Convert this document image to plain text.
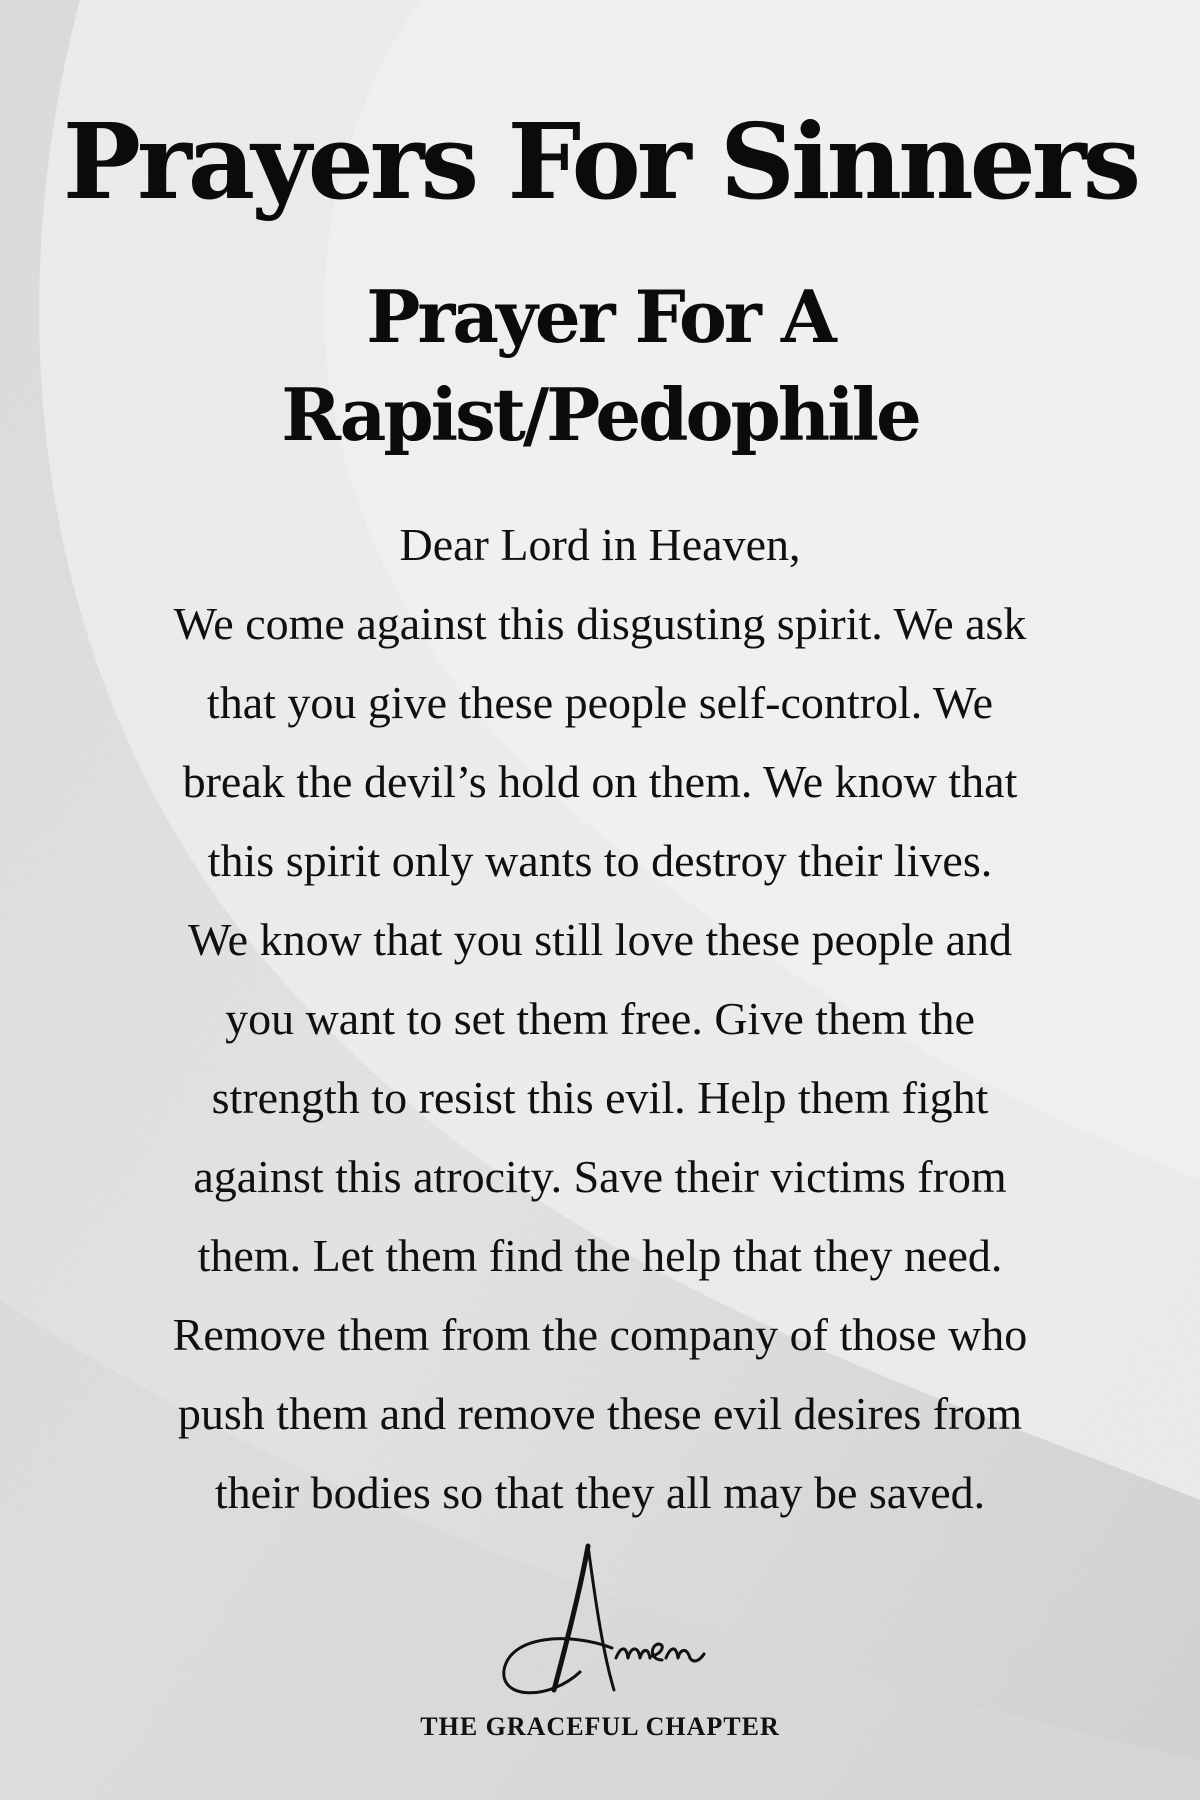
Prayers For Sinners
Prayer For A
Rapist/Pedophile
Dear Lord in Heaven,
We come against this disgusting spirit. We ask
that you give these people self-control. We
break the devil’s hold on them. We know that
this spirit only wants to destroy their lives.
We know that you still love these people and
you want to set them free. Give them the
strength to resist this evil. Help them fight
against this atrocity. Save their victims from
them. Let them find the help that they need.
Remove them from the company of those who
push them and remove these evil desires from
their bodies so that they all may be saved.
THE GRACEFUL CHAPTER
